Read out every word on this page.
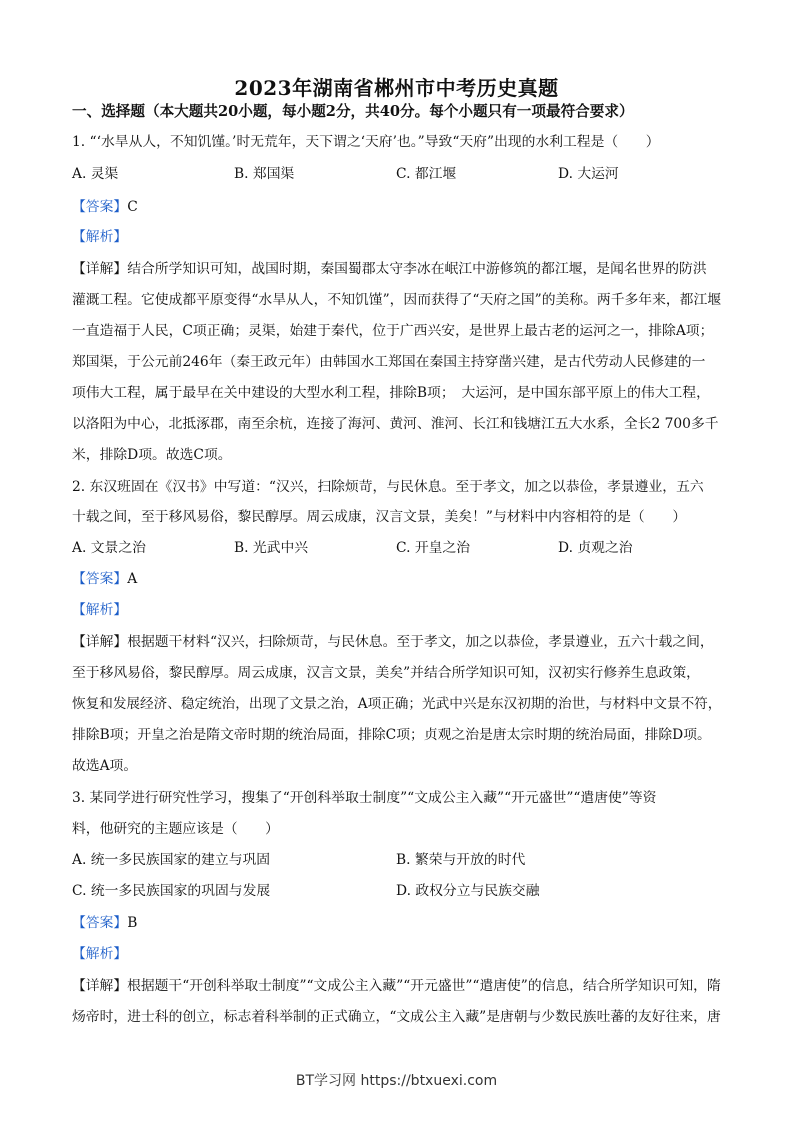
2023年湖南省郴州市中考历史真题
一、选择题（本大题共20小题，每小题2分，共40分。每个小题只有一项最符合要求）
1. “‘水旱从人，不知饥馑。’时无荒年，天下谓之‘天府’也。”导致“天府”出现的水利工程是（　　）
A. 灵渠	B. 郑国渠	C. 都江堰	D. 大运河
【答案】C
【解析】
【详解】结合所学知识可知，战国时期，秦国蜀郡太守李冰在岷江中游修筑的都江堰，是闻名世界的防洪
灌溉工程。它使成都平原变得“水旱从人，不知饥馑”，因而获得了“天府之国”的美称。两千多年来，都江堰
一直造福于人民，C项正确；灵渠，始建于秦代，位于广西兴安，是世界上最古老的运河之一，排除A项；
郑国渠，于公元前246年（秦王政元年）由韩国水工郑国在秦国主持穿凿兴建，是古代劳动人民修建的一
项伟大工程，属于最早在关中建设的大型水利工程，排除B项；　大运河，是中国东部平原上的伟大工程，
以洛阳为中心，北抵涿郡，南至余杭，连接了海河、黄河、淮河、长江和钱塘江五大水系，全长2 700多千
米，排除D项。故选C项。
2. 东汉班固在《汉书》中写道：“汉兴，扫除烦苛，与民休息。至于孝文，加之以恭俭，孝景遵业，五六
十载之间，至于移风易俗，黎民醇厚。周云成康，汉言文景，美矣！”与材料中内容相符的是（　　）
A. 文景之治	B. 光武中兴	C. 开皇之治	D. 贞观之治
【答案】A
【解析】
【详解】根据题干材料“汉兴，扫除烦苛，与民休息。至于孝文，加之以恭俭，孝景遵业，五六十载之间，
至于移风易俗，黎民醇厚。周云成康，汉言文景，美矣”并结合所学知识可知，汉初实行修养生息政策，
恢复和发展经济、稳定统治，出现了文景之治，A项正确；光武中兴是东汉初期的治世，与材料中文景不符，
排除B项；开皇之治是隋文帝时期的统治局面，排除C项；贞观之治是唐太宗时期的统治局面，排除D项。
故选A项。
3. 某同学进行研究性学习，搜集了“开创科举取士制度”“文成公主入藏”“开元盛世”“遣唐使”等资
料，他研究的主题应该是（　　）
A. 统一多民族国家的建立与巩固	B. 繁荣与开放的时代
C. 统一多民族国家的巩固与发展	D. 政权分立与民族交融
【答案】B
【解析】
【详解】根据题干“开创科举取士制度”“文成公主入藏”“开元盛世”“遣唐使”的信息，结合所学知识可知，隋
炀帝时，进士科的创立，标志着科举制的正式确立，“文成公主入藏”是唐朝与少数民族吐蕃的友好往来，唐
BT学习网 https://btxuexi.com
